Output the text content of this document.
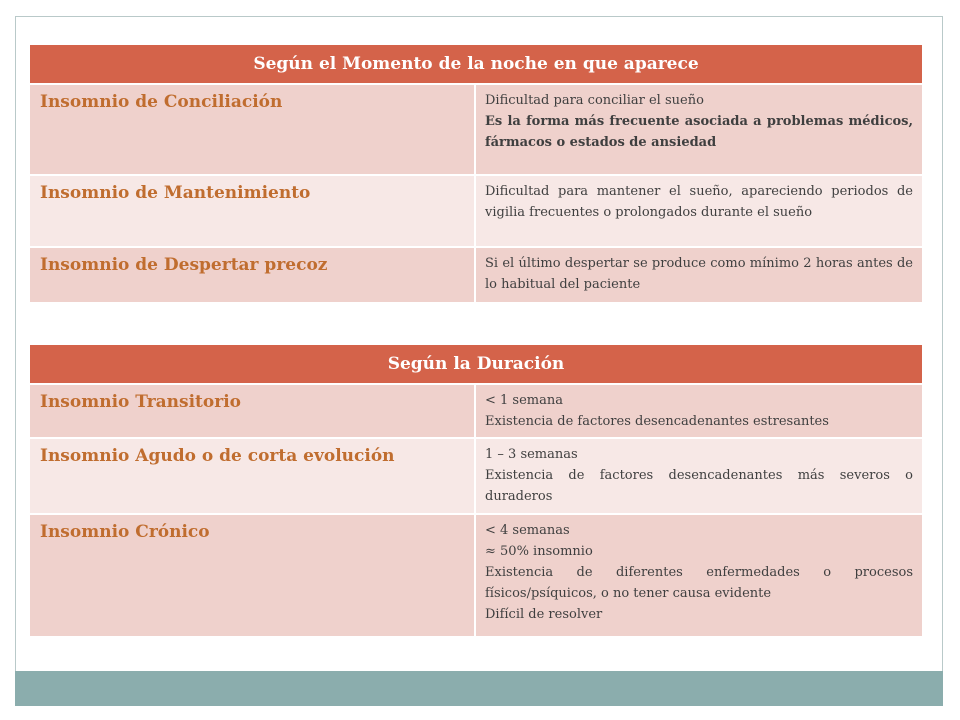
Según el Momento de la noche en que aparece	
Insomnio de Conciliación	Dificultad para conciliar el sueño
Es la forma más frecuente asociada a problemas médicos, fármacos o estados de ansiedad

Insomnio de Mantenimiento	Dificultad para mantener el sueño, apareciendo periodos de vigilia frecuentes o prolongados durante el sueño

Insomnio de Despertar precoz	Si el último despertar se produce como mínimo 2 horas antes de lo habitual del paciente
Según la Duración	
Insomnio Transitorio	< 1 semana
Existencia de factores desencadenantes estresantes

Insomnio Agudo o de corta evolución	1 – 3 semanas
Existencia de factores desencadenantes más severos o duraderos

Insomnio Crónico	< 4 semanas
≈ 50% insomnio
Existencia de diferentes enfermedades o procesos físicos/psíquicos, o no tener causa evidente
Difícil de resolver
